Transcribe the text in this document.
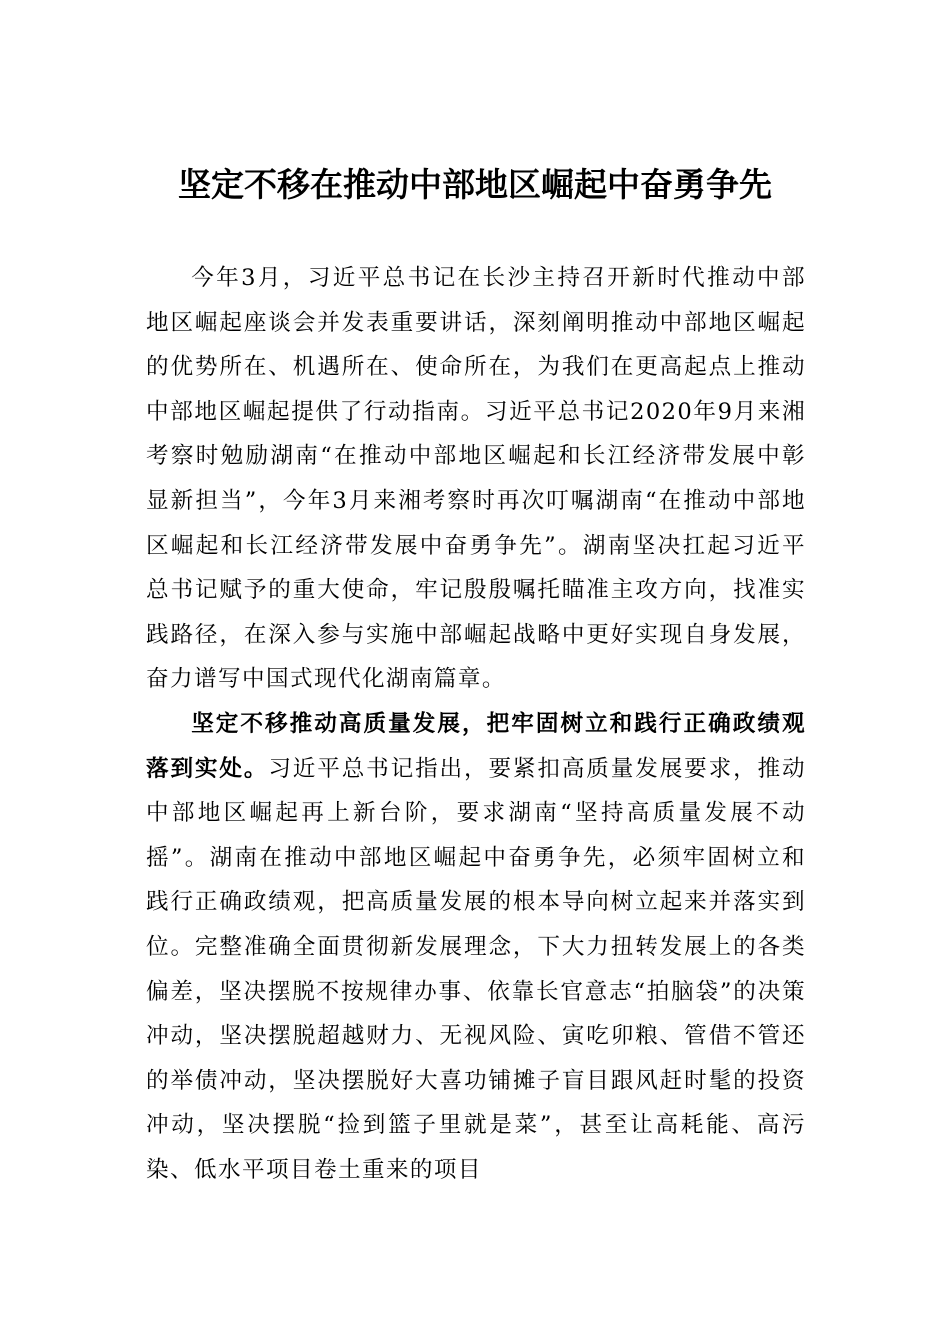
坚定不移在推动中部地区崛起中奋勇争先

今年3月，习近平总书记在长沙主持召开新时代推动中部地区崛起座谈会并发表重要讲话，深刻阐明推动中部地区崛起的优势所在、机遇所在、使命所在，为我们在更高起点上推动中部地区崛起提供了行动指南。习近平总书记2020年9月来湘考察时勉励湖南“在推动中部地区崛起和长江经济带发展中彰显新担当”，今年3月来湘考察时再次叮嘱湖南“在推动中部地区崛起和长江经济带发展中奋勇争先”。湖南坚决扛起习近平总书记赋予的重大使命，牢记殷殷嘱托瞄准主攻方向，找准实践路径，在深入参与实施中部崛起战略中更好实现自身发展，奋力谱写中国式现代化湖南篇章。

坚定不移推动高质量发展，把牢固树立和践行正确政绩观落到实处。习近平总书记指出，要紧扣高质量发展要求，推动中部地区崛起再上新台阶，要求湖南“坚持高质量发展不动摇”。湖南在推动中部地区崛起中奋勇争先，必须牢固树立和践行正确政绩观，把高质量发展的根本导向树立起来并落实到位。完整准确全面贯彻新发展理念，下大力扭转发展上的各类偏差，坚决摆脱不按规律办事、依靠长官意志“拍脑袋”的决策冲动，坚决摆脱超越财力、无视风险、寅吃卯粮、管借不管还的举债冲动，坚决摆脱好大喜功铺摊子盲目跟风赶时髦的投资冲动，坚决摆脱“捡到篮子里就是菜”，甚至让高耗能、高污染、低水平项目卷土重来的项目
